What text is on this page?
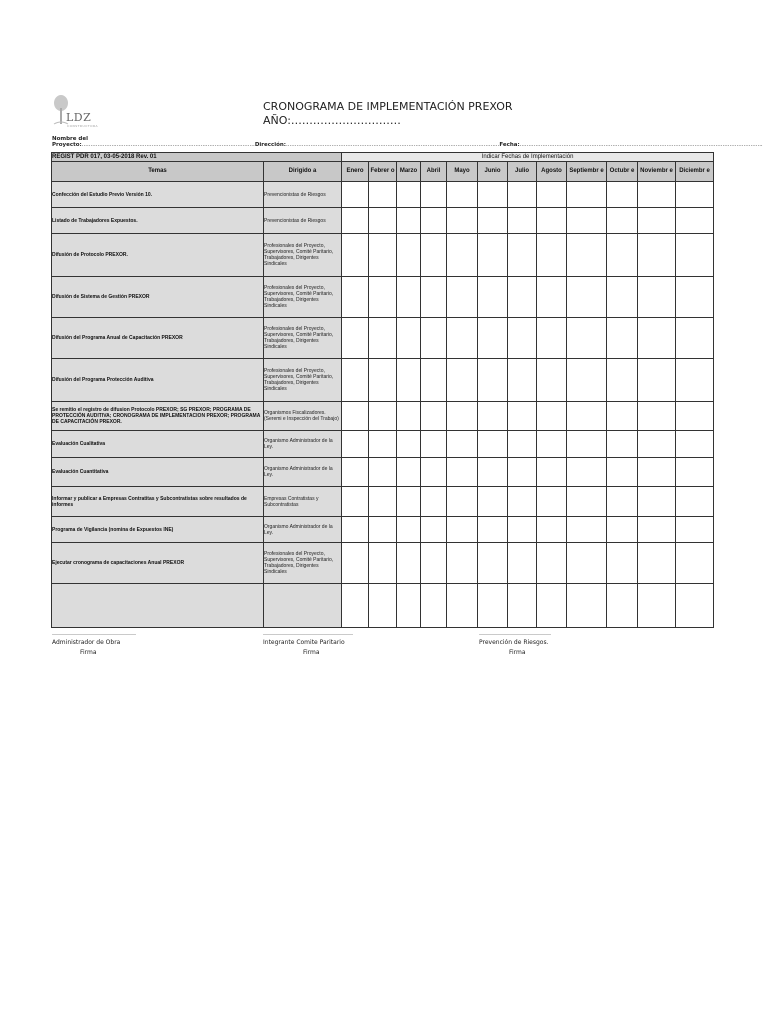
LDZ
CONSTRUCTORA
CRONOGRAMA DE IMPLEMENTACIÓN PREXOR
AÑO:…………………………
Nombre del Proyecto:...................................................................................................Dirección:..........................................................................................................................Fecha:...........................................................................................................................................
REGIST PDR 017, 03-05-2018 Rev. 01		Indicar Fechas de Implementación											
Temas	Dirigido a	Enero	Febrer o	Marzo	Abril	Mayo	Junio	Julio	Agosto	Septiembr e	Octubr e	Noviembr e	Diciembr e
Confección del Estudio Previo Versión 10.	Prevencionistas de Riesgos												
Listado de Trabajadores Expuestos.	Prevencionistas de Riesgos												
Difusión de Protocolo PREXOR.	Profesionales del Proyecto, Supervisores, Comité Paritario, Trabajadores, Dirigentes Sindicales												
Difusión de Sistema de Gestión PREXOR	Profesionales del Proyecto, Supervisores, Comité Paritario, Trabajadores, Dirigentes Sindicales												
Difusión del Programa Anual de Capacitación PREXOR	Profesionales del Proyecto, Supervisores, Comité Paritario, Trabajadores, Dirigentes Sindicales												
Difusión del Programa Protección Auditiva	Profesionales del Proyecto, Supervisores, Comité Paritario, Trabajadores, Dirigentes Sindicales												
Se remitio el registro de difusion Protocolo PREXOR; SG PREXOR; PROGRAMA DE PROTECCIÓN AUDITIVA; CRONOGRAMA DE IMPLEMENTACION PREXOR; PROGRAMA DE CAPACITACIÓN PREXOR.	Organismos Fiscalizadores. (Seremi e Inspección del Trabajo)												
Evaluación Cualitativa	Organismo Administrador de la Ley.												
Evaluación Cuantitativa	Organismo Administrador de la Ley.												
Informar y publicar a Empresas Contratitas y Subcontratistas sobre resultados de informes	Empresas Contratistas y Subcontratistas												
Programa de Vigilancia (nomina de Expuestos INE)	Organismo Administrador de la Ley.												
Ejecutar cronograma de capacitaciones Anual PREXOR	Profesionales del Proyecto, Supervisores, Comité Paritario, Trabajadores, Dirigentes Sindicales												

……………………………………
Administrador de Obra
Firma
………………………………………
Integrante Comite Paritario
Firma
………………………………
Prevención de Riesgos.
Firma
